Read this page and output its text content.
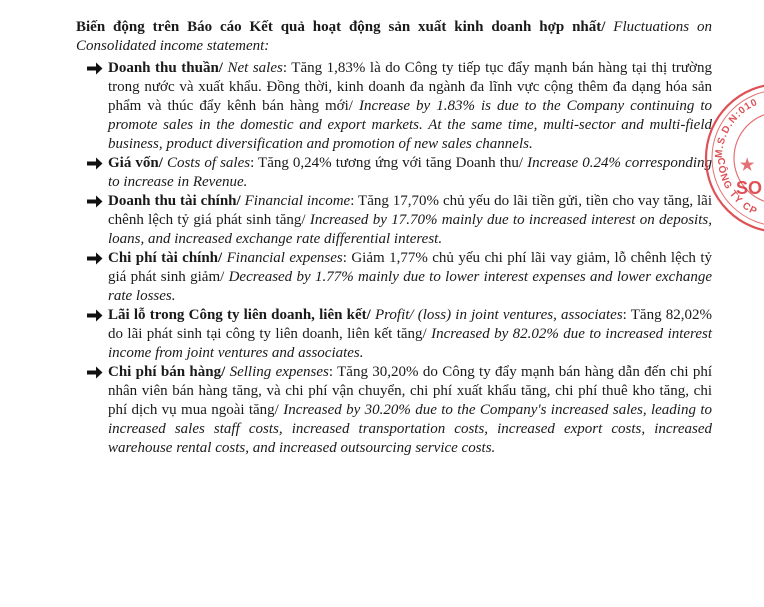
Biến động trên Báo cáo Kết quả hoạt động sản xuất kinh doanh hợp nhất/ Fluctuations on Consolidated income statement:

Doanh thu thuần/ Net sales: Tăng 1,83% là do Công ty tiếp tục đẩy mạnh bán hàng tại thị trường trong nước và xuất khẩu. Đồng thời, kinh doanh đa ngành đa lĩnh vực cộng thêm đa dạng hóa sản phẩm và thúc đẩy kênh bán hàng mới/ Increase by 1.83% is due to the Company continuing to promote sales in the domestic and export markets. At the same time, multi-sector and multi-field business, product diversification and promotion of new sales channels.
Giá vốn/ Costs of sales: Tăng 0,24% tương ứng với tăng Doanh thu/ Increase 0.24% corresponding to increase in Revenue.
Doanh thu tài chính/ Financial income: Tăng 17,70% chủ yếu do lãi tiền gửi, tiền cho vay tăng, lãi chênh lệch tỷ giá phát sinh tăng/ Increased by 17.70% mainly due to increased interest on deposits, loans, and increased exchange rate differential interest.
Chi phí tài chính/ Financial expenses: Giảm 1,77% chủ yếu chi phí lãi vay giảm, lỗ chênh lệch tỷ giá phát sinh giảm/ Decreased by 1.77% mainly due to lower interest expenses and lower exchange rate losses.
Lãi lỗ trong Công ty liên doanh, liên kết/ Profit/ (loss) in joint ventures, associates: Tăng 82,02% do lãi phát sinh tại công ty liên doanh, liên kết tăng/ Increased by 82.02% due to increased interest income from joint ventures and associates.
Chi phí bán hàng/ Selling expenses: Tăng 30,20% do Công ty đẩy mạnh bán hàng dẫn đến chi phí nhân viên bán hàng tăng, và chi phí vận chuyển, chi phí xuất khẩu tăng, chi phí thuê kho tăng, chi phí dịch vụ mua ngoài tăng/ Increased by 30.20% due to the Company's increased sales, leading to increased sales staff costs, increased transportation costs, increased export costs, increased warehouse rental costs, and increased outsourcing service costs.
M.S.D.N:010
CÔNG TY CP
SO
★
